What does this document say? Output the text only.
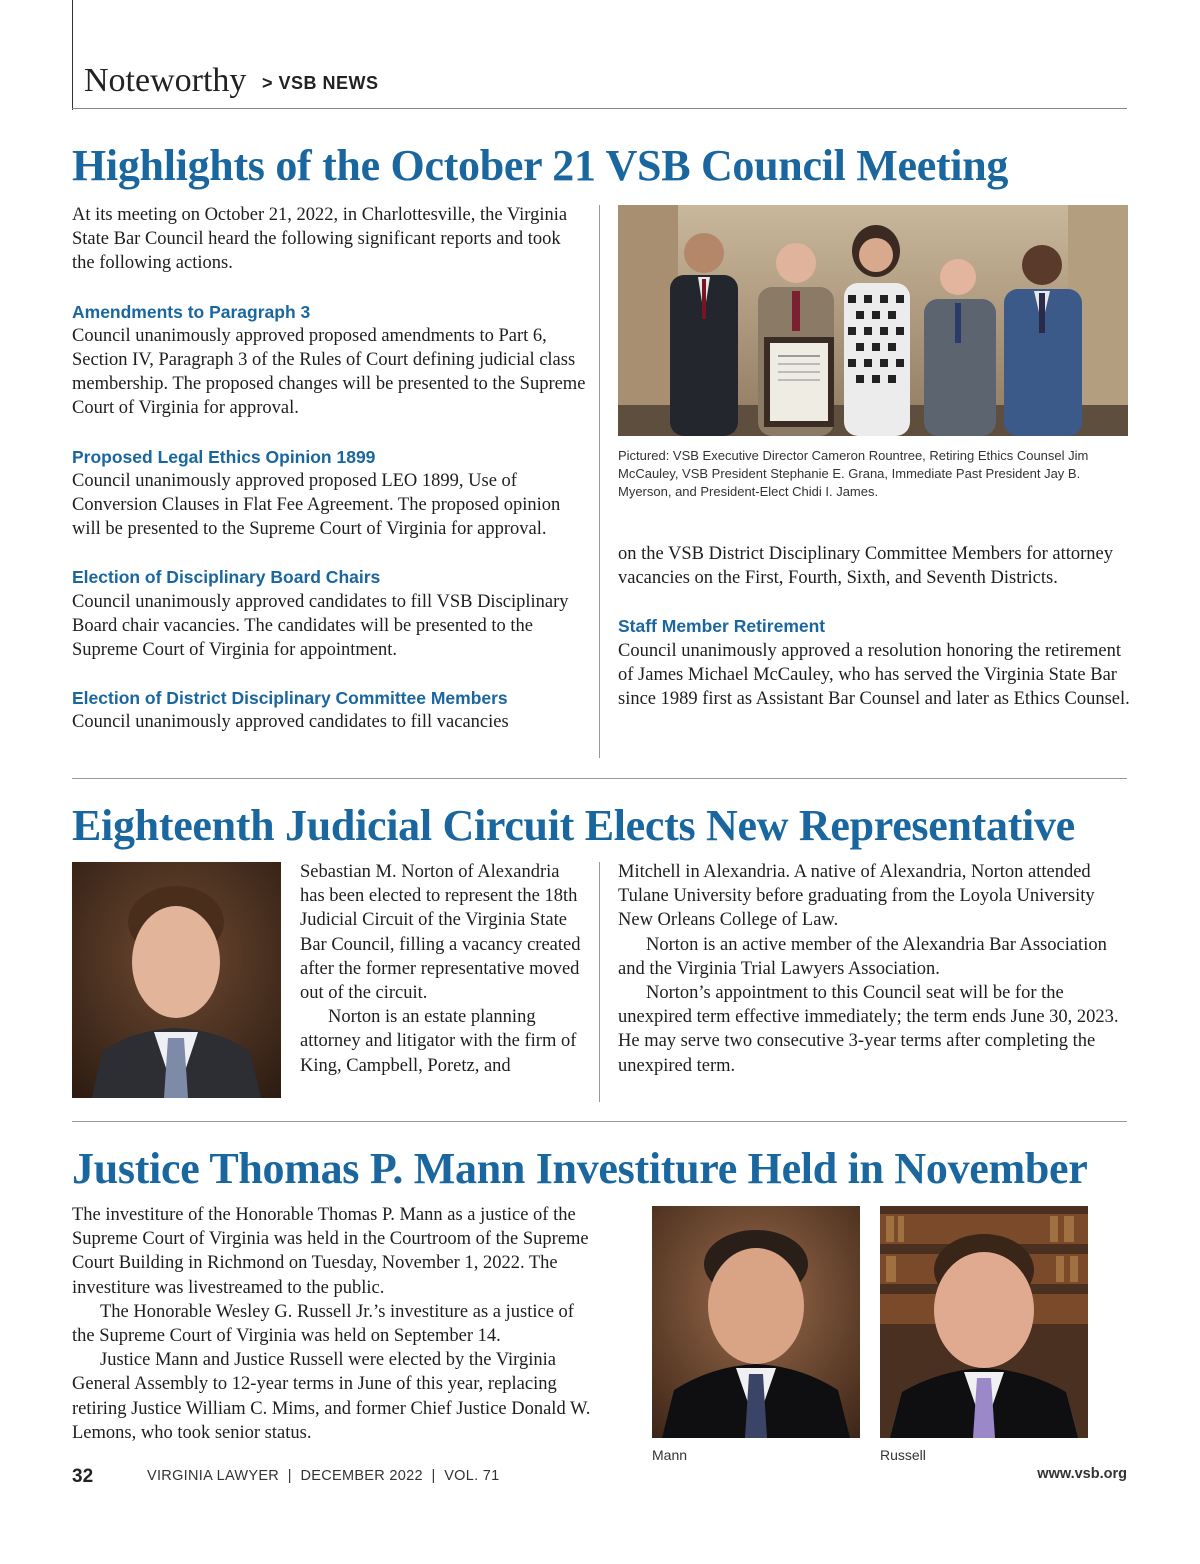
Noteworthy > VSB NEWS
Highlights of the October 21 VSB Council Meeting

At its meeting on October 21, 2022, in Charlottesville, the Virginia State Bar Council heard the following significant reports and took the following actions.

Amendments to Paragraph 3

Council unanimously approved proposed amendments to Part 6, Section IV, Paragraph 3 of the Rules of Court defining judicial class membership. The proposed changes will be presented to the Supreme Court of Virginia for approval.

Proposed Legal Ethics Opinion 1899

Council unanimously approved proposed LEO 1899, Use of Conversion Clauses in Flat Fee Agreement. The proposed opinion will be presented to the Supreme Court of Virginia for approval.

Election of Disciplinary Board Chairs

Council unanimously approved candidates to fill VSB Disciplinary Board chair vacancies. The candidates will be presented to the Supreme Court of Virginia for appointment.

Election of District Disciplinary Committee Members

Council unanimously approved candidates to fill vacancies

Pictured: VSB Executive Director Cameron Rountree, Retiring Ethics Counsel Jim McCauley, VSB President Stephanie E. Grana, Immediate Past President Jay B. Myerson, and President-Elect Chidi I. James.

on the VSB District Disciplinary Committee Members for attorney vacancies on the First, Fourth, Sixth, and Seventh Districts.

Staff Member Retirement

Council unanimously approved a resolution honoring the retirement of James Michael McCauley, who has served the Virginia State Bar since 1989 first as Assistant Bar Counsel and later as Ethics Counsel.

Eighteenth Judicial Circuit Elects New Representative

Sebastian M. Norton of Alexandria has been elected to represent the 18th Judicial Circuit of the Virginia State Bar Council, filling a vacancy created after the former representative moved out of the circuit.

Norton is an estate planning attorney and litigator with the firm of King, Campbell, Poretz, and

Mitchell in Alexandria. A native of Alexandria, Norton attended Tulane University before graduating from the Loyola University New Orleans College of Law.

Norton is an active member of the Alexandria Bar Association and the Virginia Trial Lawyers Association.

Norton’s appointment to this Council seat will be for the unexpired term effective immediately; the term ends June 30, 2023. He may serve two consecutive 3-year terms after completing the unexpired term.

Justice Thomas P. Mann Investiture Held in November

The investiture of the Honorable Thomas P. Mann as a justice of the Supreme Court of Virginia was held in the Courtroom of the Supreme Court Building in Richmond on Tuesday, November 1, 2022. The investiture was livestreamed to the public.

The Honorable Wesley G. Russell Jr.’s investiture as a justice of the Supreme Court of Virginia was held on September 14.

Justice Mann and Justice Russell were elected by the Virginia General Assembly to 12-year terms in June of this year, replacing retiring Justice William C. Mims, and former Chief Justice Donald W. Lemons, who took senior status.

Mann	Russell
32	VIRGINIA LAWYER  |  DECEMBER 2022  |  VOL. 71	www.vsb.org
